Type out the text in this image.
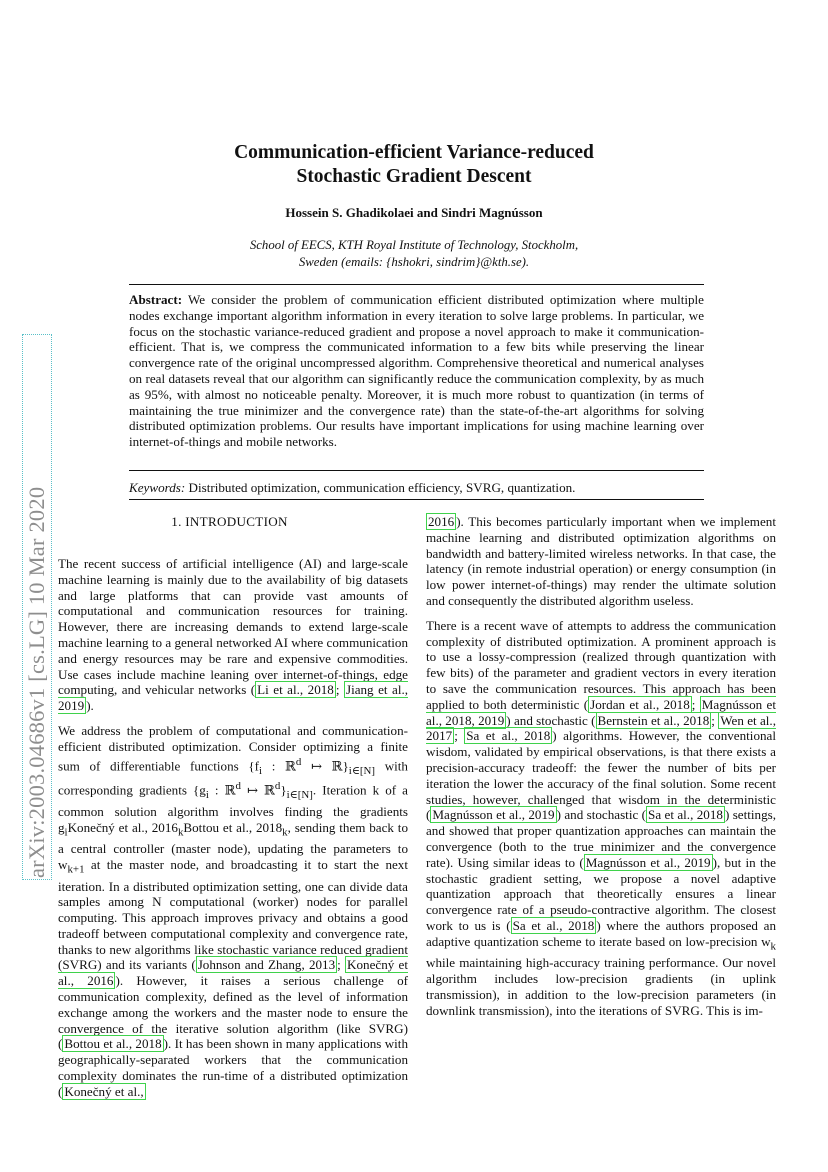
arXiv:2003.04686v1 [cs.LG] 10 Mar 2020
Communication-efficient Variance-reduced
Stochastic Gradient Descent
Hossein S. Ghadikolaei and Sindri Magnússon
School of EECS, KTH Royal Institute of Technology, Stockholm,
Sweden (emails: {hshokri, sindrim}@kth.se).
Abstract: We consider the problem of communication efficient distributed optimization where multiple nodes exchange important algorithm information in every iteration to solve large problems. In particular, we focus on the stochastic variance-reduced gradient and propose a novel approach to make it communication-efficient. That is, we compress the communicated information to a few bits while preserving the linear convergence rate of the original uncompressed algorithm. Comprehensive theoretical and numerical analyses on real datasets reveal that our algorithm can significantly reduce the communication complexity, by as much as 95%, with almost no noticeable penalty. Moreover, it is much more robust to quantization (in terms of maintaining the true minimizer and the convergence rate) than the state-of-the-art algorithms for solving distributed optimization problems. Our results have important implications for using machine learning over internet-of-things and mobile networks.
Keywords: Distributed optimization, communication efficiency, SVRG, quantization.
1. INTRODUCTION

The recent success of artificial intelligence (AI) and large-scale machine learning is mainly due to the availability of big datasets and large platforms that can provide vast amounts of computational and communication resources for training. However, there are increasing demands to extend large-scale machine learning to a general networked AI where communication and energy resources may be rare and expensive commodities. Use cases include machine leaning over internet-of-things, edge computing, and vehicular networks ( Li et al., 2018 ; Jiang et al., 2019 ).

We address the problem of computational and communication-efficient distributed optimization. Consider optimizing a finite sum of differentiable functions {$f_i$ : ℝ$^d$ ↦ $ℝ\}_{i\in[N]}$ with corresponding gradients {$g_i$ : ℝ$^d$ ↦ $ℝ^d\}_{i\in[N]}$. Iteration k of a common solution algorithm involves finding the gradients $g_iKonečný$ et al., $2016_kBottou$ et al., $2018_k$, sending them back to a central controller (master node), updating the parameters to $w_{k+1}$ at the master node, and broadcasting it to start the next iteration. In a distributed optimization setting, one can divide data samples among N computational (worker) nodes for parallel computing. This approach improves privacy and obtains a good tradeoff between computational complexity and convergence rate, thanks to new algorithms like stochastic variance reduced gradient (SVRG) and its variants ( Johnson and Zhang, 2013 ; Konečný et al., 2016 ). However, it raises a serious challenge of communication complexity, defined as the level of information exchange among the workers and the master node to ensure the convergence of the iterative solution algorithm (like SVRG) ( Bottou et al., 2018 ). It has been shown in many applications with geographically-separated workers that the communication complexity dominates the run-time of a distributed optimization ( Konečný et al.,

2016 ). This becomes particularly important when we implement machine learning and distributed optimization algorithms on bandwidth and battery-limited wireless networks. In that case, the latency (in remote industrial operation) or energy consumption (in low power internet-of-things) may render the ultimate solution and consequently the distributed algorithm useless.

There is a recent wave of attempts to address the communication complexity of distributed optimization. A prominent approach is to use a lossy-compression (realized through quantization with few bits) of the parameter and gradient vectors in every iteration to save the communication resources. This approach has been applied to both deterministic ( Jordan et al., 2018 ; Magnússon et al., 2018, 2019 ) and stochastic ( Bernstein et al., 2018 ; Wen et al., 2017 ; Sa et al., 2018 ) algorithms. However, the conventional wisdom, validated by empirical observations, is that there exists a precision-accuracy tradeoff: the fewer the number of bits per iteration the lower the accuracy of the final solution. Some recent studies, however, challenged that wisdom in the deterministic ( Magnússon et al., 2019 ) and stochastic ( Sa et al., 2018 ) settings, and showed that proper quantization approaches can maintain the convergence (both to the true minimizer and the convergence rate). Using similar ideas to ( Magnússon et al., 2019 ), but in the stochastic gradient setting, we propose a novel adaptive quantization approach that theoretically ensures a linear convergence rate of a pseudo-contractive algorithm. The closest work to us is ( Sa et al., 2018 ) where the authors proposed an adaptive quantization scheme to iterate based on low-precision $w_k$ while maintaining high-accuracy training performance. Our novel algorithm includes low-precision gradients (in uplink transmission), in addition to the low-precision parameters (in downlink transmission), into the iterations of SVRG. This is im-
